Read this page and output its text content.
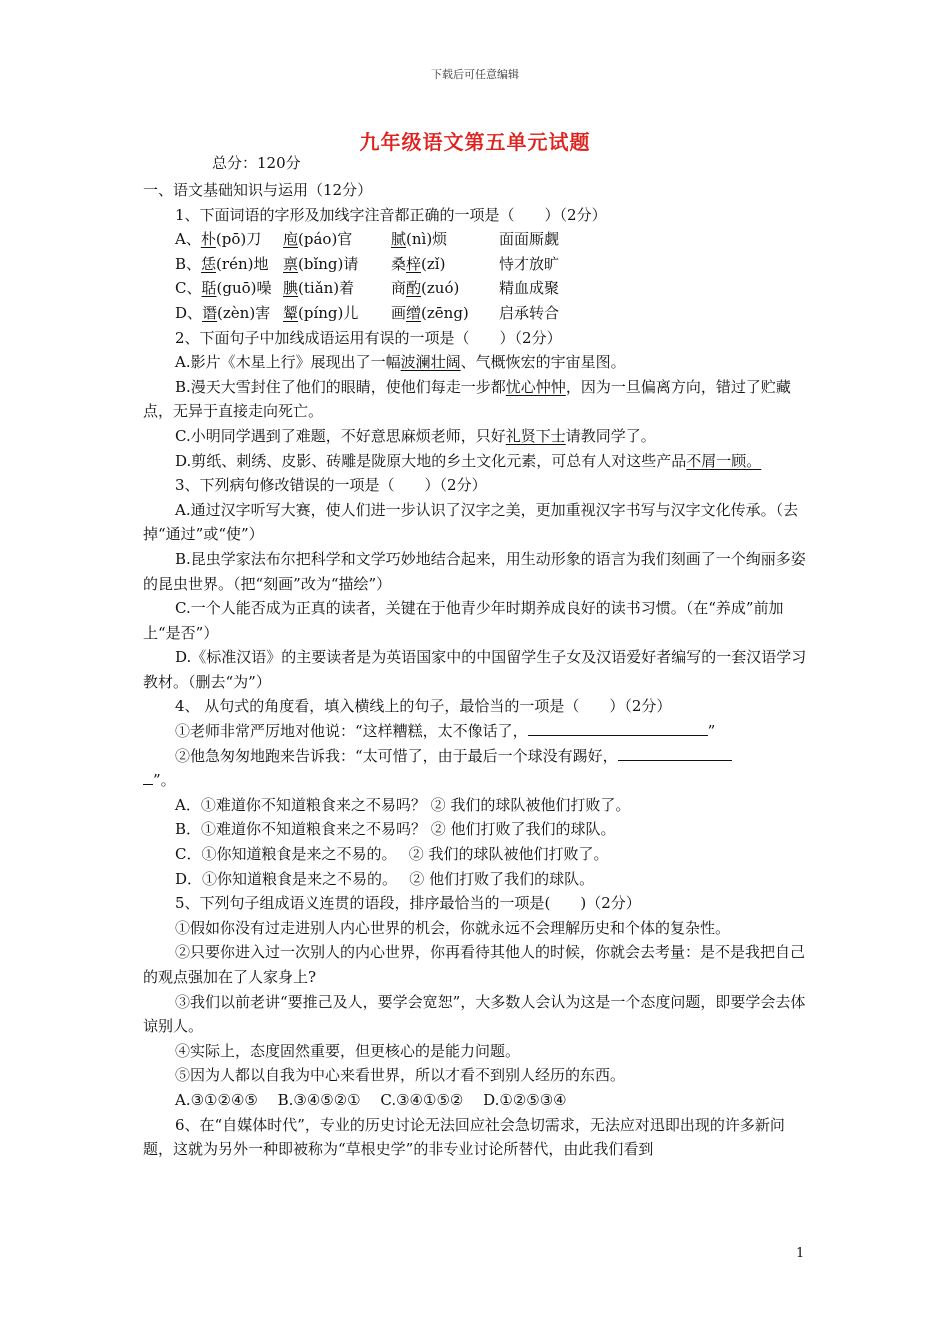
下载后可任意编辑
九年级语文第五单元试题
总分：120分

一、语文基础知识与运用（12分）

1、下面词语的字形及加线字注音都正确的一项是（　　）（2分）

A、朴(pō)刀	庖(páo)官	腻(nì)烦	面面厮觑
B、恁(rén)地 禀(bǐng)请	桑梓(zǐ)	恃才放旷
C、聒(guō)噪 腆(tiǎn)着	商酌(zuó)	精血成聚
D、谮(zèn)害 颦(píng)儿	画缯(zēng)	启承转合

2、下面句子中加线成语运用有误的一项是（　　）（2分）

A.影片《木星上行》展现出了一幅波澜壮阔、气概恢宏的宇宙星图。

B.漫天大雪封住了他们的眼睛，使他们每走一步都忧心忡忡，因为一旦偏离方向，错过了贮藏点，无异于直接走向死亡。

C.小明同学遇到了难题，不好意思麻烦老师，只好礼贤下士请教同学了。

D.剪纸、刺绣、皮影、砖雕是陇原大地的乡土文化元素，可总有人对这些产品不屑一顾。

3、下列病句修改错误的一项是（　　）（2分）

A.通过汉字听写大赛，使人们进一步认识了汉字之美，更加重视汉字书写与汉字文化传承。（去掉“通过”或“使”）

B.昆虫学家法布尔把科学和文学巧妙地结合起来，用生动形象的语言为我们刻画了一个绚丽多姿的昆虫世界。（把“刻画”改为“描绘”）

C.一个人能否成为正真的读者，关键在于他青少年时期养成良好的读书习惯。（在“养成”前加上“是否”）

D.《标准汉语》的主要读者是为英语国家中的中国留学生子女及汉语爱好者编写的一套汉语学习教材。（删去“为”）

4、 从句式的角度看，填入横线上的句子，最恰当的一项是（　　）（2分）

①老师非常严厉地对他说：“这样糟糕，太不像话了，	”

②他急匆匆地跑来告诉我：“太可惜了，由于最后一个球没有踢好，
”。

A．①难道你不知道粮食来之不易吗？ ② 我们的球队被他们打败了。

B．①难道你不知道粮食来之不易吗？ ② 他们打败了我们的球队。

C．①你知道粮食是来之不易的。　 ② 我们的球队被他们打败了。

D．①你知道粮食是来之不易的。　 ② 他们打败了我们的球队。

5、下列句子组成语义连贯的语段，排序最恰当的一项是(　　)（2分）

①假如你没有过走进别人内心世界的机会，你就永远不会理解历史和个体的复杂性。

②只要你进入过一次别人的内心世界，你再看待其他人的时候，你就会去考量：是不是我把自己的观点强加在了人家身上?

③我们以前老讲“要推己及人，要学会宽恕”，大多数人会认为这是一个态度问题，即要学会去体谅别人。

④实际上，态度固然重要，但更核心的是能力问题。

⑤因为人都以自我为中心来看世界，所以才看不到别人经历的东西。

A.③①②④⑤　 B.③④⑤②①　 C.③④①⑤②　 D.①②⑤③④

6、在“自媒体时代”，专业的历史讨论无法回应社会急切需求，无法应对迅即出现的许多新问题，这就为另外一种即被称为“草根史学”的非专业讨论所替代，由此我们看到

1
